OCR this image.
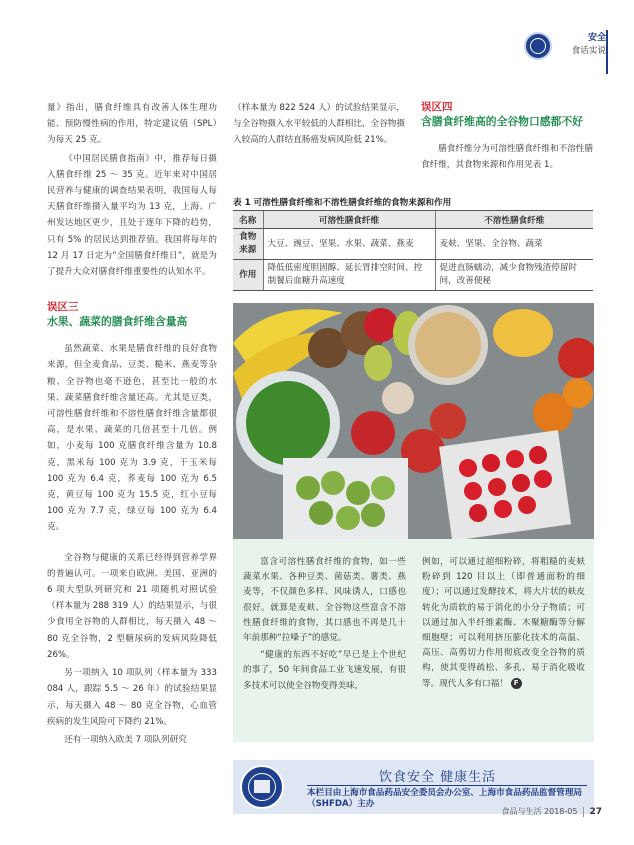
安全
食话实说

量》指出，膳食纤维具有改善人体生理功能、预防慢性病的作用，特定建议值（SPL）为每天 25 克。

《中国居民膳食指南》中，推荐每日摄入膳食纤维 25 ～ 35 克。近年来对中国居民营养与健康的调查结果表明，我国每人每天膳食纤维摄入量平均为 13 克，上海、广州发达地区更少，且处于逐年下降的趋势，只有 5% 的居民达到推荐值。我国将每年的 12 月 17 日定为“全国膳食纤维日”，就是为了提升大众对膳食纤维重要性的认知水平。

误区三
水果、蔬菜的膳食纤维含量高

虽然蔬菜、水果是膳食纤维的良好食物来源，但全麦食品、豆类、糙米、燕麦等杂粮、全谷物也毫不逊色，甚至比一般的水果、蔬菜膳食纤维含量还高。尤其是豆类，可溶性膳食纤维和不溶性膳食纤维含量都很高，是水果、蔬菜的几倍甚至十几倍。例如，小麦每 100 克膳食纤维含量为 10.8 克，黑米每 100 克为 3.9 克，干玉米每 100 克为 6.4 克，荞麦每 100 克为 6.5 克，黄豆每 100 克为 15.5 克，红小豆每 100 克为 7.7 克，绿豆每 100 克为 6.4 克。

全谷物与健康的关系已经得到营养学界的普遍认可。一项来自欧洲、美国、亚洲的 6 项大型队列研究和 21 项随机对照试验（样本量为 288 319 人）的结果显示，与很少食用全谷物的人群相比，每天摄入 48 ～ 80 克全谷物，2 型糖尿病的发病风险降低 26%。

另一项纳入 10 项队列（样本量为 333 084 人，跟踪 5.5 ～ 26 年）的试验结果显示，每天摄入 48 ～ 80 克全谷物，心血管疾病的发生风险可下降约 21%。

还有一项纳入欧美 7 项队列研究

（样本量为 822 524 人）的试验结果显示，与全谷物摄入水平较低的人群相比，全谷物摄入较高的人群结直肠癌发病风险低 21%。

误区四
含膳食纤维高的全谷物口感都不好

膳食纤维分为可溶性膳食纤维和不溶性膳食纤维，其食物来源和作用见表 1。

表 1 可溶性膳食纤维和不溶性膳食纤维的食物来源和作用
名称	可溶性膳食纤维	不溶性膳食纤维
食物来源	大豆、豌豆、坚果、水果、蔬菜、燕麦	麦麸、坚果、全谷物、蔬菜
作用	降低低密度胆固醇、延长胃排空时间、控制餐后血糖升高速度	促进直肠蠕动，减少食物残渣停留时间，改善便秘

富含可溶性膳食纤维的食物，如一些蔬菜水果、各种豆类、菌菇类、薯类、燕麦等，不仅颜色多样、风味诱人，口感也很好。就算是麦麸、全谷物这些富含不溶性膳食纤维的食物，其口感也不再是几十年前那种“拉嗓子”的感觉。

“健康的东西不好吃”早已是上个世纪的事了，50 年间食品工业飞速发展，有很多技术可以使全谷物变得美味，

例如，可以通过超细粉碎，将粗糙的麦麸粉碎到 120 目以上（即普通面粉的细度）；可以通过发酵技术，将大片状的麸皮转化为质软的易于消化的小分子物质；可以通过加入半纤维素酶、木聚糖酶等分解细胞壁；可以利用挤压膨化技术的高温、高压、高剪切力作用彻底改变全谷物的质构，使其变得疏松、多孔、易于消化吸收等。现代人多有口福！ F

饮食安全 健康生活
本栏目由上海市食品药品安全委员会办公室、上海市食品药品监督管理局（SHFDA）主办
食品与生活 2018-05 27
